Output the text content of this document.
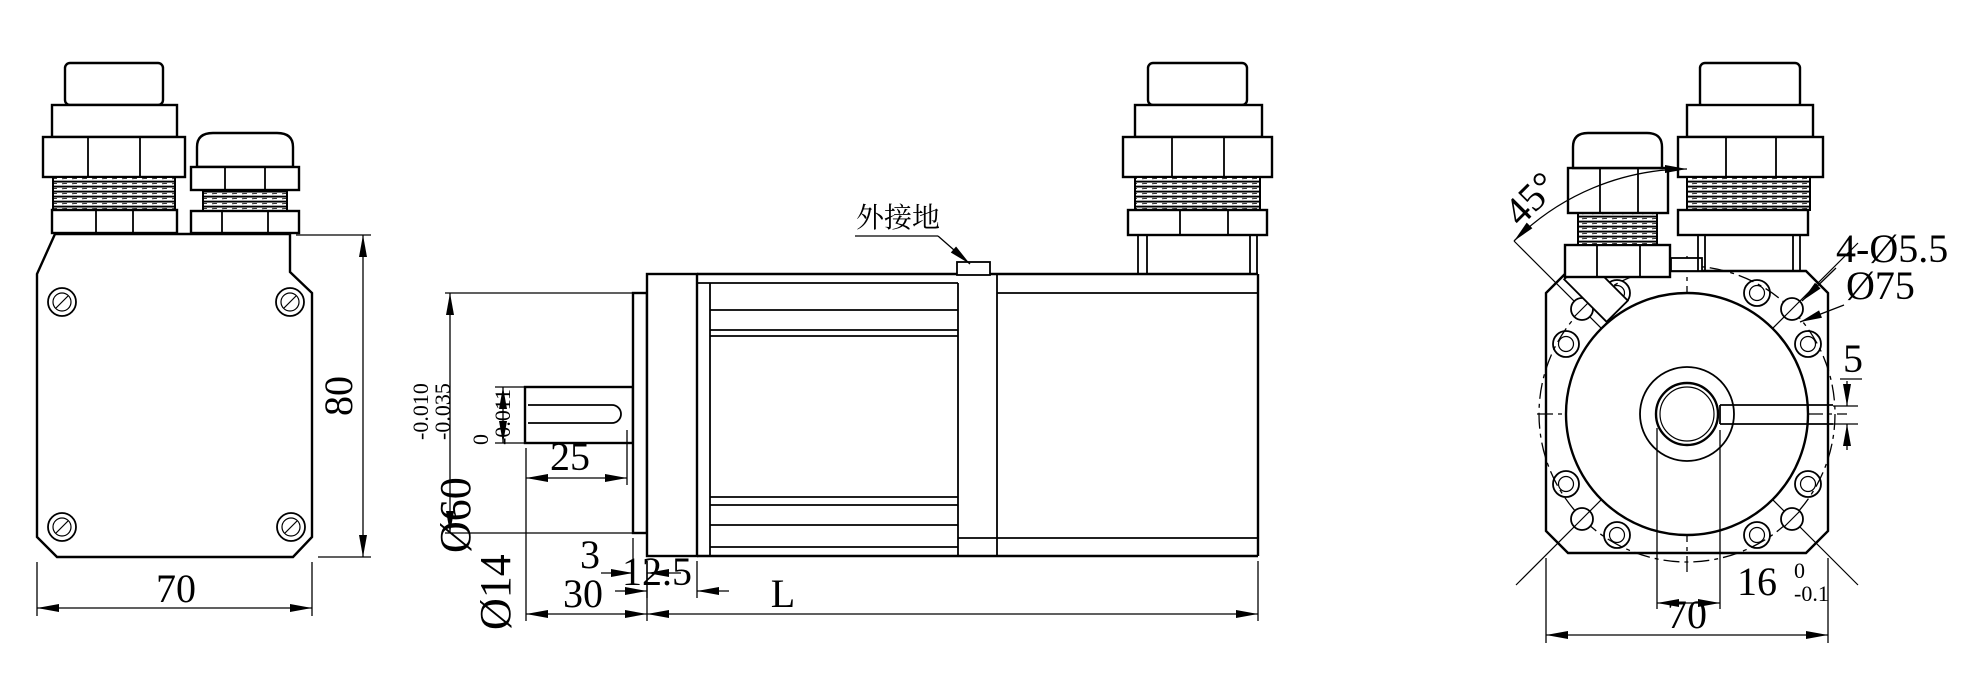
70
80
外接地
Ø60
-0.010
-0.035
Ø14
0
-0.011
25
3 12.5
30	L
45°
4-Ø5.5
Ø75
5
16 0
-0.1
70
